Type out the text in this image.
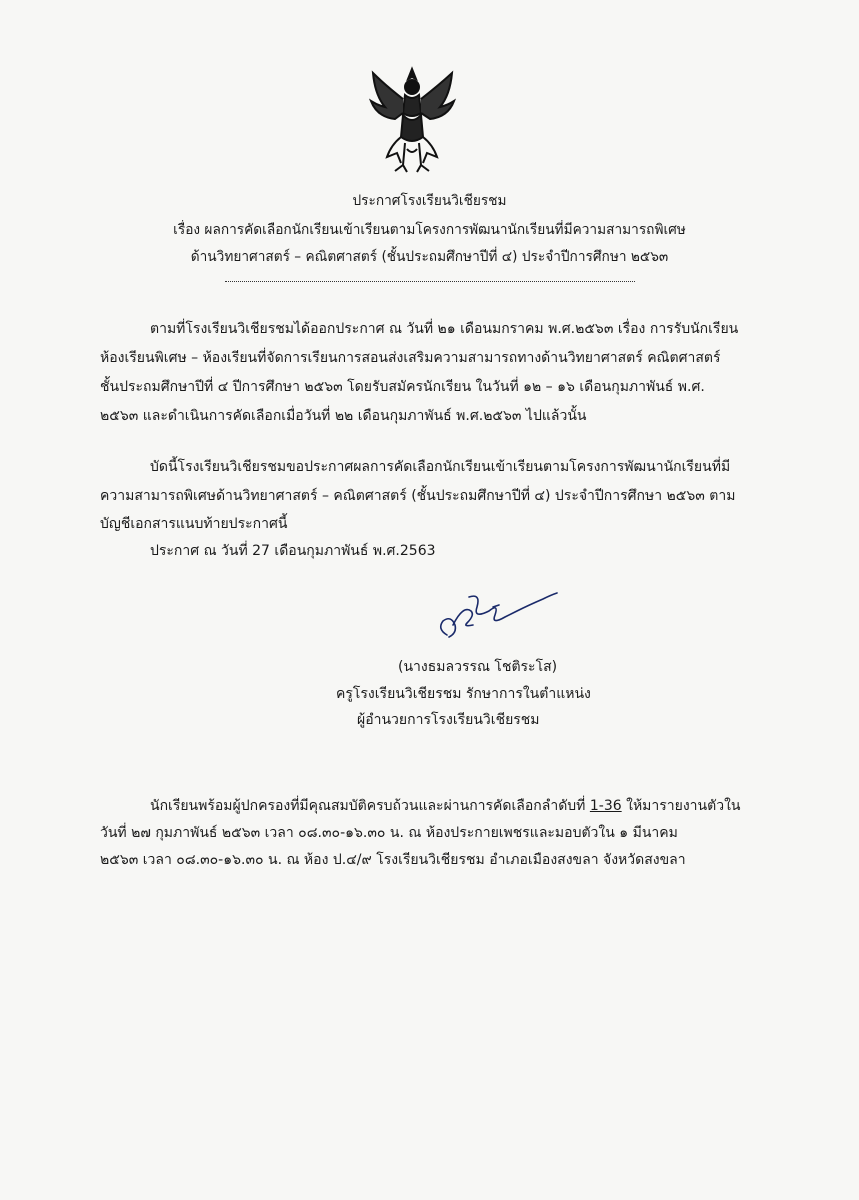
ประกาศโรงเรียนวิเชียรชม
เรื่อง ผลการคัดเลือกนักเรียนเข้าเรียนตามโครงการพัฒนานักเรียนที่มีความสามารถพิเศษ
ด้านวิทยาศาสตร์ – คณิตศาสตร์ (ชั้นประถมศึกษาปีที่ ๔) ประจำปีการศึกษา ๒๕๖๓
ตามที่โรงเรียนวิเชียรชมได้ออกประกาศ ณ วันที่ ๒๑ เดือนมกราคม พ.ศ.๒๕๖๓ เรื่อง การรับนักเรียน
ห้องเรียนพิเศษ – ห้องเรียนที่จัดการเรียนการสอนส่งเสริมความสามารถทางด้านวิทยาศาสตร์ คณิตศาสตร์
ชั้นประถมศึกษาปีที่ ๔ ปีการศึกษา ๒๕๖๓ โดยรับสมัครนักเรียน ในวันที่ ๑๒ – ๑๖ เดือนกุมภาพันธ์ พ.ศ.
๒๕๖๓ และดำเนินการคัดเลือกเมื่อวันที่ ๒๒ เดือนกุมภาพันธ์ พ.ศ.๒๕๖๓ ไปแล้วนั้น
บัดนี้โรงเรียนวิเชียรชมขอประกาศผลการคัดเลือกนักเรียนเข้าเรียนตามโครงการพัฒนานักเรียนที่มี
ความสามารถพิเศษด้านวิทยาศาสตร์ – คณิตศาสตร์ (ชั้นประถมศึกษาปีที่ ๔) ประจำปีการศึกษา ๒๕๖๓ ตาม
บัญชีเอกสารแนบท้ายประกาศนี้
ประกาศ ณ วันที่ 27 เดือนกุมภาพันธ์ พ.ศ.2563
(นางธมลวรรณ โชติระโส)
ครูโรงเรียนวิเชียรชม รักษาการในตำแหน่ง
ผู้อำนวยการโรงเรียนวิเชียรชม
นักเรียนพร้อมผู้ปกครองที่มีคุณสมบัติครบถ้วนและผ่านการคัดเลือกลำดับที่ 1-36 ให้มารายงานตัวใน
วันที่ ๒๗ กุมภาพันธ์ ๒๕๖๓ เวลา ๐๘.๓๐-๑๖.๓๐ น. ณ ห้องประกายเพชรและมอบตัวใน ๑ มีนาคม
๒๕๖๓ เวลา ๐๘.๓๐-๑๖.๓๐ น. ณ ห้อง ป.๔/๙ โรงเรียนวิเชียรชม อำเภอเมืองสงขลา จังหวัดสงขลา
